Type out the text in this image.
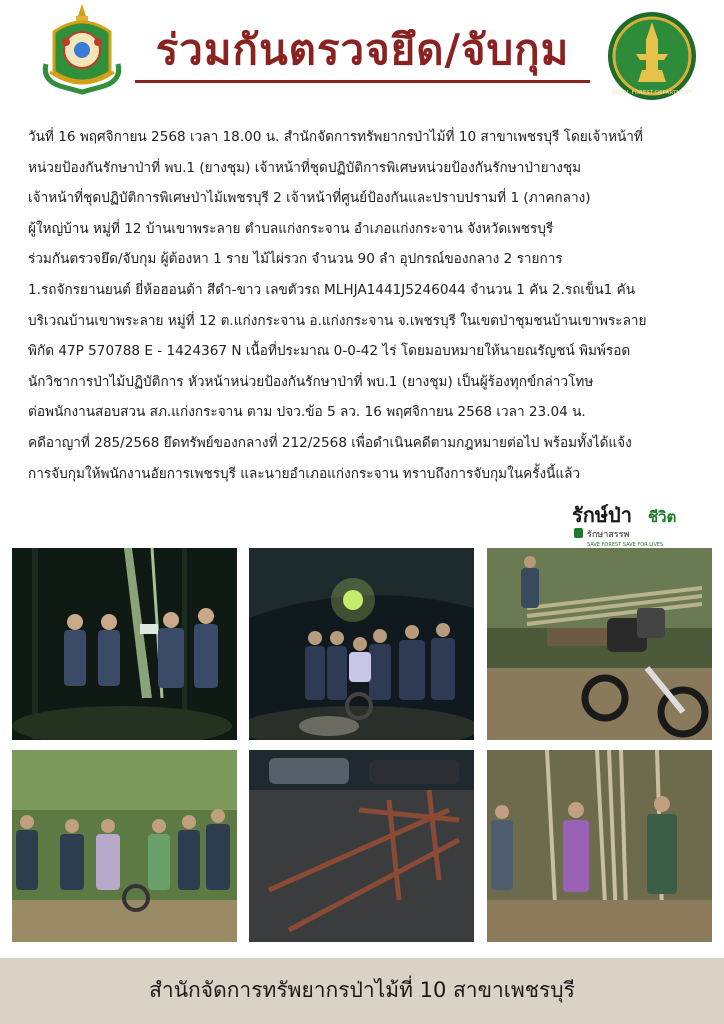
ร่วมกันตรวจยึด/จับกุม
ROYAL FOREST DEPARTMENT
วันที่ 16 พฤศจิกายน 2568 เวลา 18.00 น. สำนักจัดการทรัพยากรป่าไม้ที่ 10 สาขาเพชรบุรี โดยเจ้าหน้าที่
หน่วยป้องกันรักษาป่าที่ พบ.1 (ยางชุม) เจ้าหน้าที่ชุดปฏิบัติการพิเศษหน่วยป้องกันรักษาป่ายางชุม
เจ้าหน้าที่ชุดปฏิบัติการพิเศษป่าไม้เพชรบุรี 2 เจ้าหน้าที่ศูนย์ป้องกันและปราบปรามที่ 1 (ภาคกลาง)
ผู้ใหญ่บ้าน หมู่ที่ 12 บ้านเขาพระลาย ตำบลแก่งกระจาน อำเภอแก่งกระจาน จังหวัดเพชรบุรี
ร่วมกันตรวจยึด/จับกุม ผู้ต้องหา 1 ราย ไม้ไผ่รวก จำนวน 90 ลำ อุปกรณ์ของกลาง 2 รายการ
1.รถจักรยานยนต์ ยี่ห้อฮอนด้า สีดำ-ขาว เลขตัวรถ MLHJA1441J5246044 จำนวน 1 คัน 2.รถเข็น1 คัน
บริเวณบ้านเขาพระลาย หมู่ที่ 12 ต.แก่งกระจาน อ.แก่งกระจาน จ.เพชรบุรี ในเขตป่าชุมชนบ้านเขาพระลาย
พิกัด 47P 570788 E - 1424367 N เนื้อที่ประมาณ 0-0-42 ไร่ โดยมอบหมายให้นายณรัญชน์ พิมพ์รอด
นักวิชาการป่าไม้ปฏิบัติการ หัวหน้าหน่วยป้องกันรักษาป่าที่ พบ.1 (ยางชุม) เป็นผู้ร้องทุกข์กล่าวโทษ
ต่อพนักงานสอบสวน สภ.แก่งกระจาน ตาม ปจว.ข้อ 5 ลว. 16 พฤศจิกายน 2568 เวลา 23.04 น.
คดีอาญาที่ 285/2568 ยึดทรัพย์ของกลางที่ 212/2568 เพื่อดำเนินคดีตามกฎหมายต่อไป พร้อมทั้งได้แจ้ง
การจับกุมให้พนักงานอัยการเพชรบุรี และนายอำเภอแก่งกระจาน ทราบถึงการจับกุมในครั้งนี้แล้ว
รักษ์ป่า ชีวิต
รักษาสรรพ
SAVE FOREST SAVE FOR LIVES
สำนักจัดการทรัพยากรป่าไม้ที่ 10 สาขาเพชรบุรี
